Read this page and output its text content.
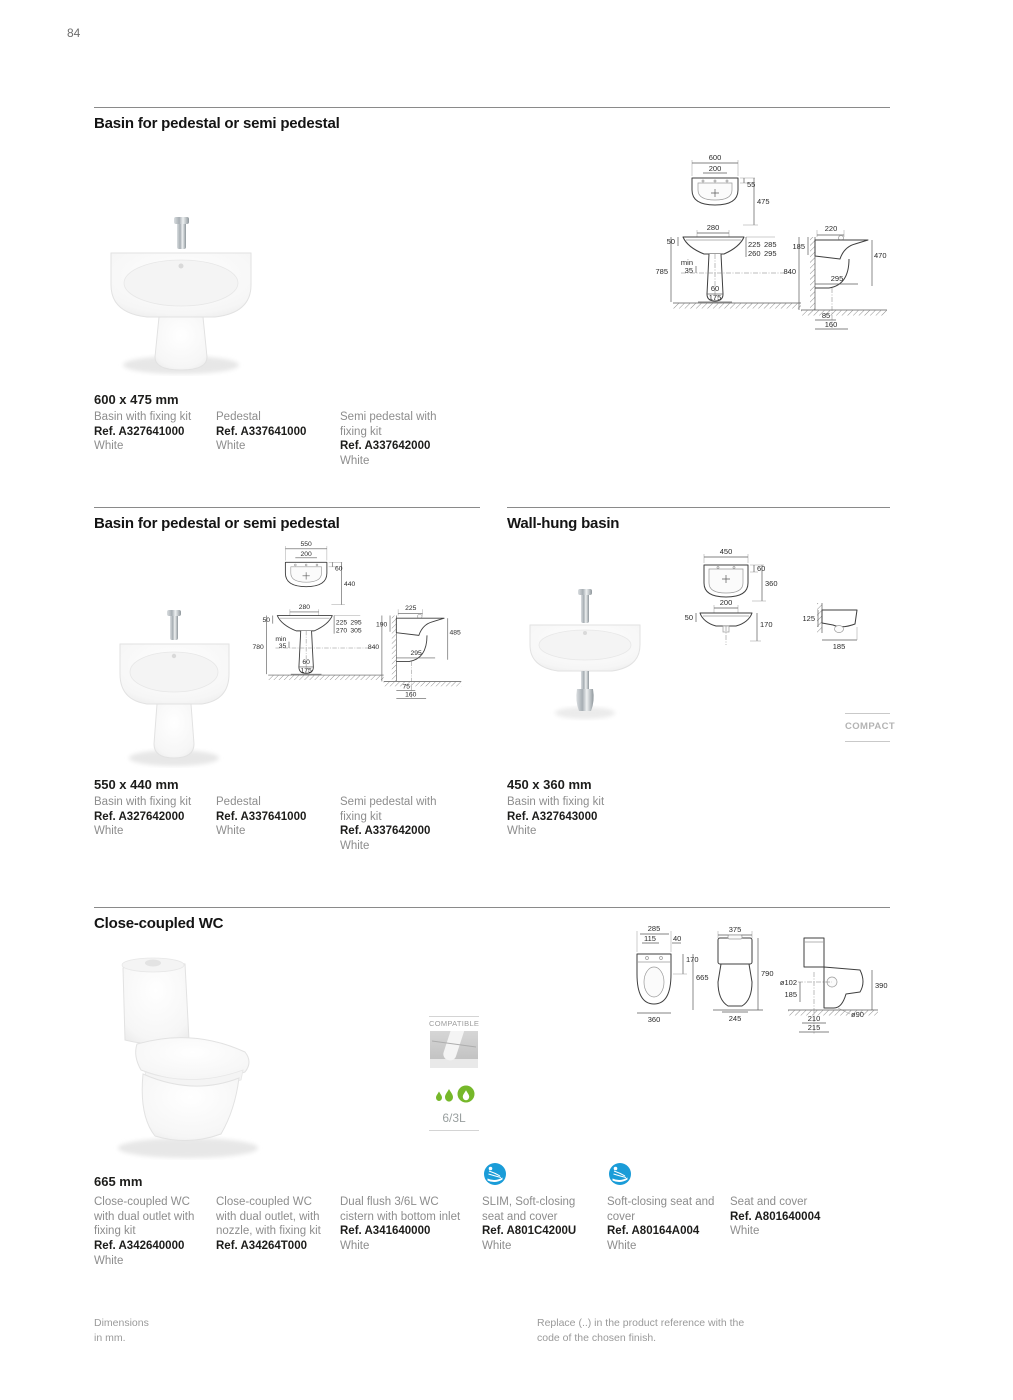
84
Basin for pedestal or semi pedestal
600
200
55
475
280
50	225 285
260 295
min
35
785
60
175
220
185
470
840
295
85
160
600 x 475 mm
Basin with fixing kit
Ref. A327641000
White
Pedestal
Ref. A337641000
White
Semi pedestal with fixing kit
Ref. A337642000
White
Basin for pedestal or semi pedestal	Wall-hung basin
550
200
60
440
280
50	225 295
270 305
min
35
780
60
175
225
190
485
840
295
75
160
450
60
360
200
50
170
125
185
COMPACT
550 x 440 mm
Basin with fixing kit
Ref. A327642000
White
Pedestal
Ref. A337641000
White
Semi pedestal with fixing kit
Ref. A337642000
White
450 x 360 mm
Basin with fixing kit
Ref. A327643000
White
Close-coupled WC
COMPATIBLE

6/3L
285
115 40
170
665
360
375
790
245
ø102
185
390
210
215
665 mm
Close-coupled WC with dual outlet with fixing kit
Ref. A342640000
White
Close-coupled WC with dual outlet, with nozzle, with fixing kit
Ref. A34264T000
Dual flush 3/6L WC cistern with bottom inlet
Ref. A341640000
White
SLIM, Soft-closing seat and cover
Ref. A801C4200U
White
Soft-closing seat and cover
Ref. A80164A004
White
Seat and cover
Ref. A801640004
White
Dimensions
in mm.
Replace (..) in the product reference with the
code of the chosen finish.
